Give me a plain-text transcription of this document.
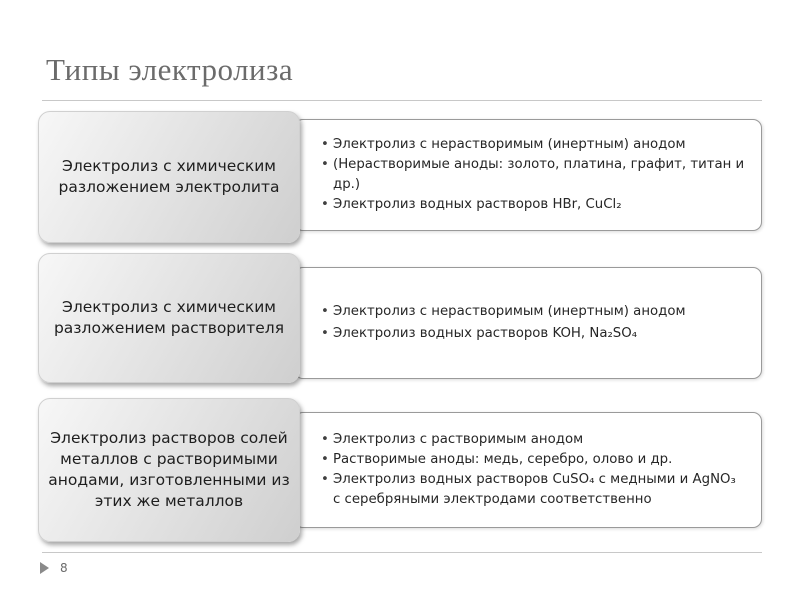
Типы электролиза
• Электролиз с нерастворимым (инертным) анодом
• (Нерастворимые аноды: золото, платина, графит, титан и др.)
• Электролиз водных растворов HBr, CuCl₂
Электролиз с химическим разложением электролита
• Электролиз с нерастворимым (инертным) анодом
• Электролиз водных растворов KOH, Na₂SO₄
Электролиз с химическим разложением растворителя
• Электролиз с растворимым анодом
• Растворимые аноды: медь, серебро, олово и др.
• Электролиз водных растворов CuSO₄ с медными и AgNO₃ с серебряными электродами соответственно
Электролиз растворов солей металлов с растворимыми анодами, изготовленными из этих же металлов
8
